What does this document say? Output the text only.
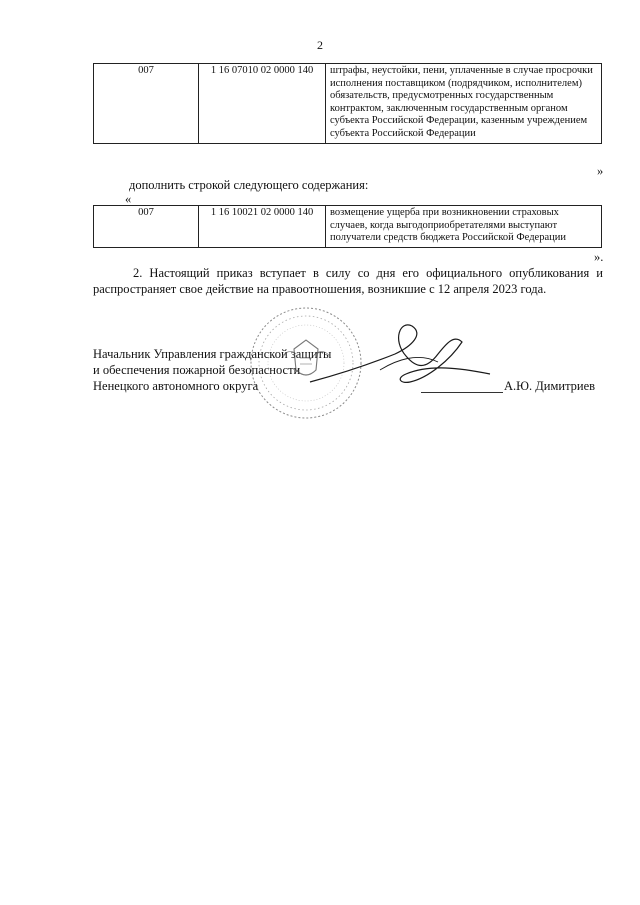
2
007	1 16 07010 02 0000 140	штрафы, неустойки, пени, уплаченные в случае просрочки исполнения поставщиком (подрядчиком, исполнителем) обязательств, предусмотренных государственным контрактом, заключенным государственным органом субъекта Российской Федерации, казенным учреждением субъекта Российской Федерации
»
дополнить строкой следующего содержания:
«
007	1 16 10021 02 0000 140	возмещение ущерба при возникновении страховых случаев, когда выгодоприобретателями выступают получатели средств бюджета Российской Федерации
».
2. Настоящий приказ вступает в силу со дня его официального опубликования и распространяет свое действие на правоотношения, возникшие с 12 апреля 2023 года.
Начальник Управления гражданской защиты
и обеспечения пожарной безопасности
Ненецкого автономного округа	А.Ю. Димитриев
